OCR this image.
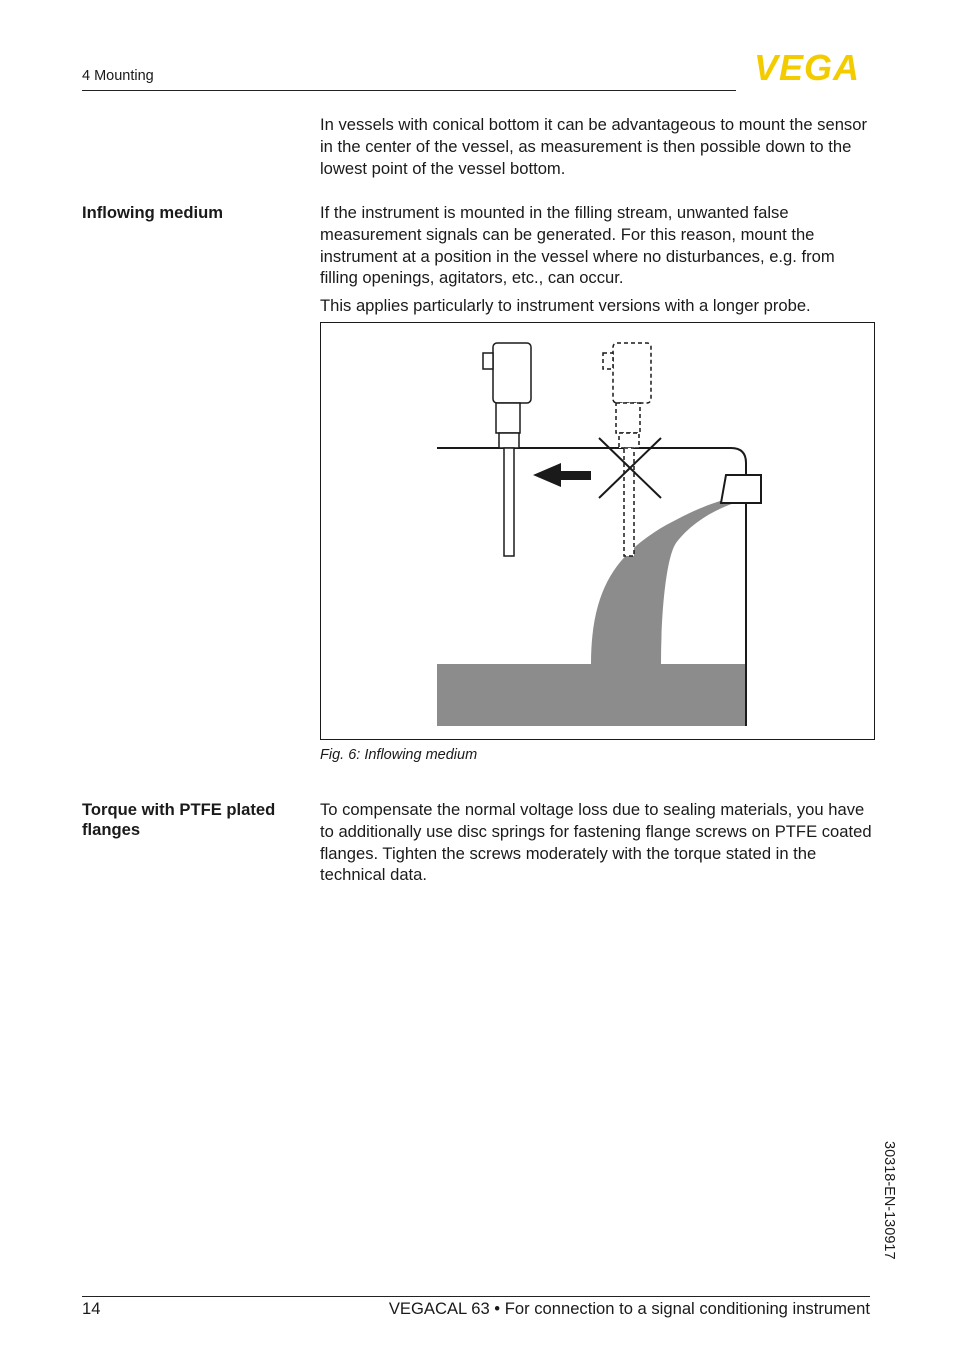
4 Mounting	VEGA

In vessels with conical bottom it can be advantageous to mount the sensor in the center of the vessel, as measurement is then possible down to the lowest point of the vessel bottom.

Inflowing medium	If the instrument is mounted in the filling stream, unwanted false measurement signals can be generated. For this reason, mount the instrument at a position in the vessel where no disturbances, e.g. from filling openings, agitators, etc., can occur.

This applies particularly to instrument versions with a longer probe.

Fig. 6: Inflowing medium
Torque with PTFE plated flanges

To compensate the normal voltage loss due to sealing materials, you have to additionally use disc springs for fastening flange screws on PTFE coated flanges. Tighten the screws moderately with the torque stated in the technical data.

30318-EN-130917
14	VEGACAL 63 • For connection to a signal conditioning instrument
